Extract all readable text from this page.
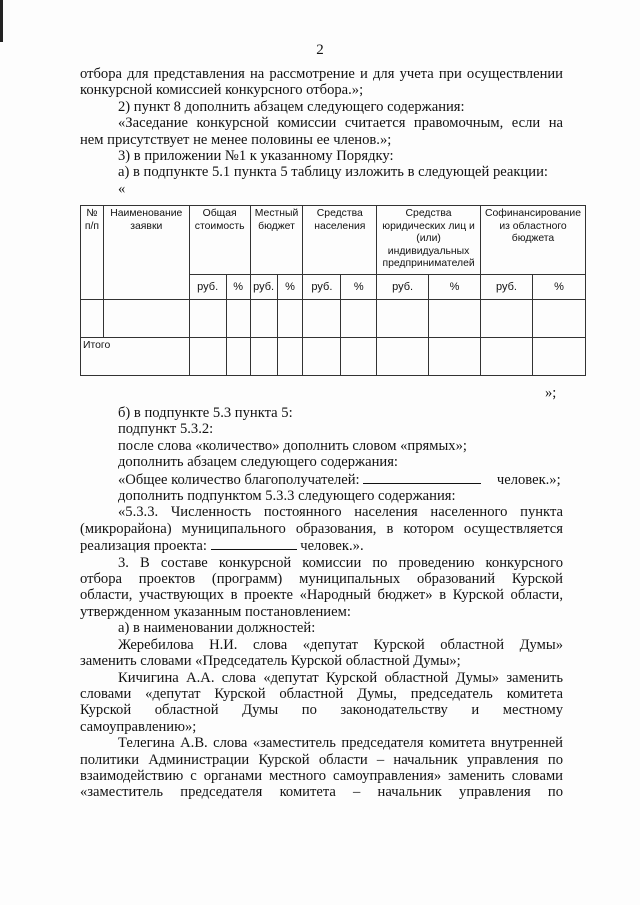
2
отбора для представления на рассмотрение и для учета при осуществлении
конкурсной комиссией конкурсного отбора.»;
2) пункт 8 дополнить абзацем следующего содержания:
«Заседание конкурсной комиссии считается правомочным, если на
нем присутствует не менее половины ее членов.»;
3) в приложении №1 к указанному Порядку:
а) в подпункте 5.1 пункта 5 таблицу изложить в следующей реакции:
«
№ п/п	Наименование заявки	Общая стоимость		Местный бюджет		Средства населения		Средства юридических лиц и (или) индивидуальных предпринимателей		Софинансирование из областного бюджета	
		руб.	%	руб.	%	руб.	%	руб.	%	руб.	%

Итого											
»;
б) в подпункте 5.3 пункта 5:
подпункт 5.3.2:
после слова «количество» дополнить словом «прямых»;
дополнить абзацем следующего содержания:
«Общее количество благополучателей:	человек.»;
дополнить подпунктом 5.3.3 следующего содержания:
«5.3.3. Численность постоянного населения населенного пункта
(микрорайона) муниципального образования, в котором осуществляется
реализация проекта:	человек.».
3. В составе конкурсной комиссии по проведению конкурсного
отбора проектов (программ) муниципальных образований Курской
области, участвующих в проекте «Народный бюджет» в Курской области,
утвержденном указанным постановлением:
а) в наименовании должностей:
Жеребилова Н.И. слова «депутат Курской областной Думы»
заменить словами «Председатель Курской областной Думы»;
Кичигина А.А. слова «депутат Курской областной Думы» заменить
словами «депутат Курской областной Думы, председатель комитета
Курской областной Думы по законодательству и местному
самоуправлению»;
Телегина А.В. слова «заместитель председателя комитета внутренней
политики Администрации Курской области – начальник управления по
взаимодействию с органами местного самоуправления» заменить словами
«заместитель председателя комитета – начальник управления по
